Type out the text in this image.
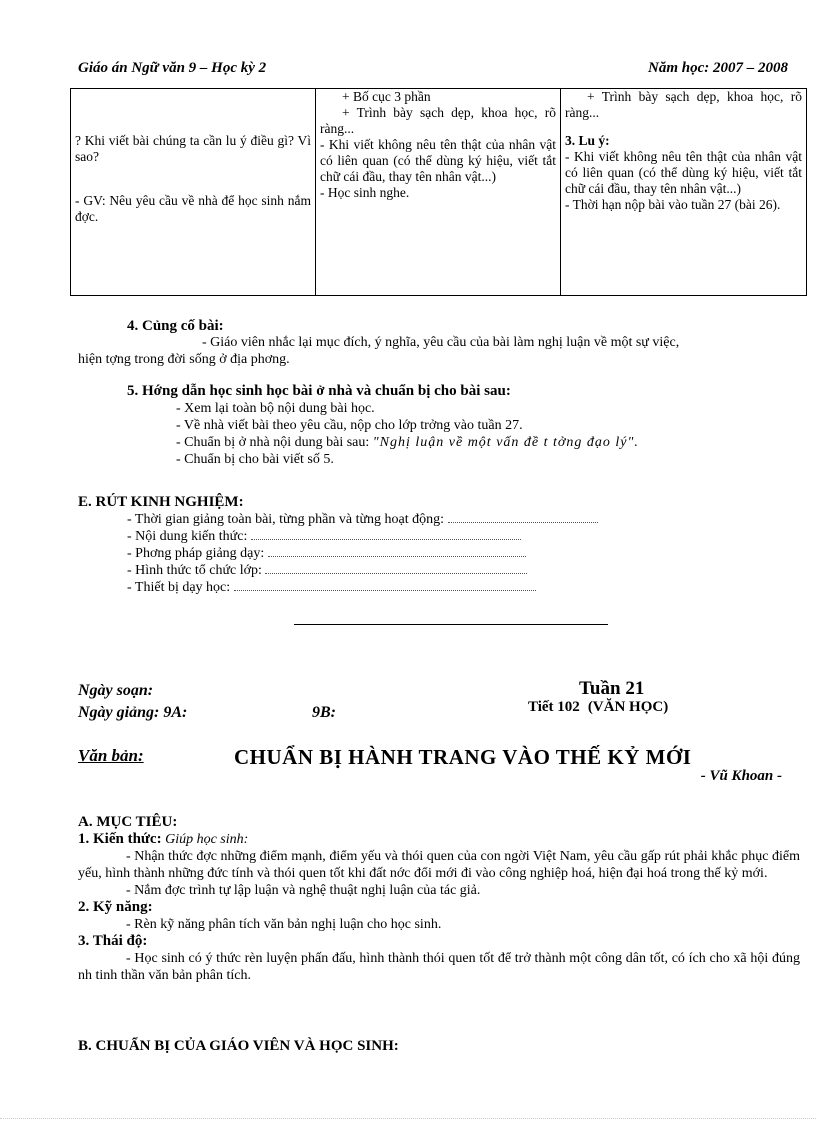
Giáo án Ngữ văn 9 – Học kỳ 2	Năm học: 2007 – 2008
? Khi viết bài chúng ta cần lu ý điều gì? Vì sao?
- GV: Nêu yêu cầu về nhà để học sinh nắm đợc.

+ Bố cục 3 phần
+ Trình bày sạch dẹp, khoa học, rõ ràng...
- Khi viết không nêu tên thật của nhân vật có liên quan (có thể dùng ký hiệu, viết tắt chữ cái đầu, thay tên nhân vật...)
- Học sinh nghe.

+ Trình bày sạch dẹp, khoa học, rõ ràng...
3. Lu ý:
- Khi viết không nêu tên thật của nhân vật có liên quan (có thể dùng ký hiệu, viết tắt chữ cái đầu, thay tên nhân vật...)
- Thời hạn nộp bài vào tuần 27 (bài 26).
4. Củng cố bài:
- Giáo viên nhắc lại mục đích, ý nghĩa, yêu cầu của bài làm nghị luận về một sự việc,
hiện tợng trong đời sống ở địa phơng.
5. Hớng dẫn học sinh học bài ở nhà và chuẩn bị cho bài sau:
- Xem lại toàn bộ nội dung bài học.
- Về nhà viết bài theo yêu cầu, nộp cho lớp trởng vào tuần 27.
- Chuẩn bị ở nhà nội dung bài sau: "Nghị luận về một vấn đề t tởng đạo lý".
- Chuẩn bị cho bài viết số 5.
E. RÚT KINH NGHIỆM:
- Thời gian giảng toàn bài, từng phần và từng hoạt động:
- Nội dung kiến thức:
- Phơng pháp giảng dạy:
- Hình thức tổ chức lớp:
- Thiết bị dạy học:
Ngày soạn:
Ngày giảng: 9A:	9B:
Tuần 21
Tiết 102 (VĂN HỌC)
Văn bản:	CHUẨN BỊ HÀNH TRANG VÀO THẾ KỶ MỚI
- Vũ Khoan -
A. MỤC TIÊU:
1. Kiến thức: Giúp học sinh:
- Nhận thức đợc những điểm mạnh, điểm yếu và thói quen của con ngời Việt Nam, yêu cầu gấp rút phải khắc phục điểm yếu, hình thành những đức tính và thói quen tốt khi đất nớc đổi mới đi vào công nghiệp hoá, hiện đại hoá trong thế kỷ mới.
- Nắm đợc trình tự lập luận và nghệ thuật nghị luận của tác giả.
2. Kỹ năng:
- Rèn kỹ năng phân tích văn bản nghị luận cho học sinh.
3. Thái độ:
- Học sinh có ý thức rèn luyện phấn đấu, hình thành thói quen tốt để trở thành một công dân tốt, có ích cho xã hội đúng nh tinh thần văn bản phân tích.
B. CHUẨN BỊ CỦA GIÁO VIÊN VÀ HỌC SINH:
